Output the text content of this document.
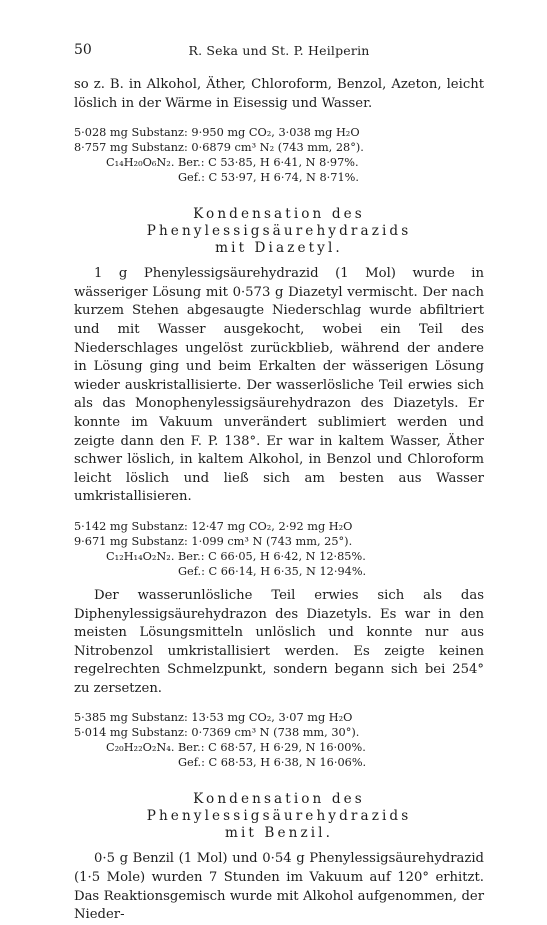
50	R. Seka und St. P. Heilperin

so z. B. in Alkohol, Äther, Chloroform, Benzol, Azeton, leicht löslich in der Wärme in Eisessig und Wasser.

5·028 mg Substanz: 9·950 mg CO₂, 3·038 mg H₂O
8·757 mg Substanz: 0·6879 cm³ N₂ (743 mm, 28°).
C₁₄H₂₀O₆N₂. Ber.: C 53·85, H 6·41, N 8·97%.
Gef.: C 53·97, H 6·74, N 8·71%.
Kondensation des Phenylessigsäurehydrazids
mit Diazetyl.

1 g Phenylessigsäurehydrazid (1 Mol) wurde in wässeriger Lösung mit 0·573 g Diazetyl vermischt. Der nach kurzem Stehen abgesaugte Niederschlag wurde abfiltriert und mit Wasser ausgekocht, wobei ein Teil des Niederschlages ungelöst zurückblieb, während der andere in Lösung ging und beim Erkalten der wässerigen Lösung wieder auskristallisierte. Der wasserlösliche Teil erwies sich als das Monophenylessigsäurehydrazon des Diazetyls. Er konnte im Vakuum unverändert sublimiert werden und zeigte dann den F. P. 138°. Er war in kaltem Wasser, Äther schwer löslich, in kaltem Alkohol, in Benzol und Chloroform leicht löslich und ließ sich am besten aus Wasser umkristallisieren.

5·142 mg Substanz: 12·47 mg CO₂, 2·92 mg H₂O
9·671 mg Substanz: 1·099 cm³ N (743 mm, 25°).
C₁₂H₁₄O₂N₂. Ber.: C 66·05, H 6·42, N 12·85%.
Gef.: C 66·14, H 6·35, N 12·94%.

Der wasserunlösliche Teil erwies sich als das Diphenylessigsäurehydrazon des Diazetyls. Es war in den meisten Lösungsmitteln unlöslich und konnte nur aus Nitrobenzol umkristallisiert werden. Es zeigte keinen regelrechten Schmelzpunkt, sondern begann sich bei 254° zu zersetzen.

5·385 mg Substanz: 13·53 mg CO₂, 3·07 mg H₂O
5·014 mg Substanz: 0·7369 cm³ N (738 mm, 30°).
C₂₀H₂₂O₂N₄. Ber.: C 68·57, H 6·29, N 16·00%.
Gef.: C 68·53, H 6·38, N 16·06%.
Kondensation des Phenylessigsäurehydrazids
mit Benzil.

0·5 g Benzil (1 Mol) und 0·54 g Phenylessigsäurehydrazid (1·5 Mole) wurden 7 Stunden im Vakuum auf 120° erhitzt. Das Reaktionsgemisch wurde mit Alkohol aufgenommen, der Nieder-
